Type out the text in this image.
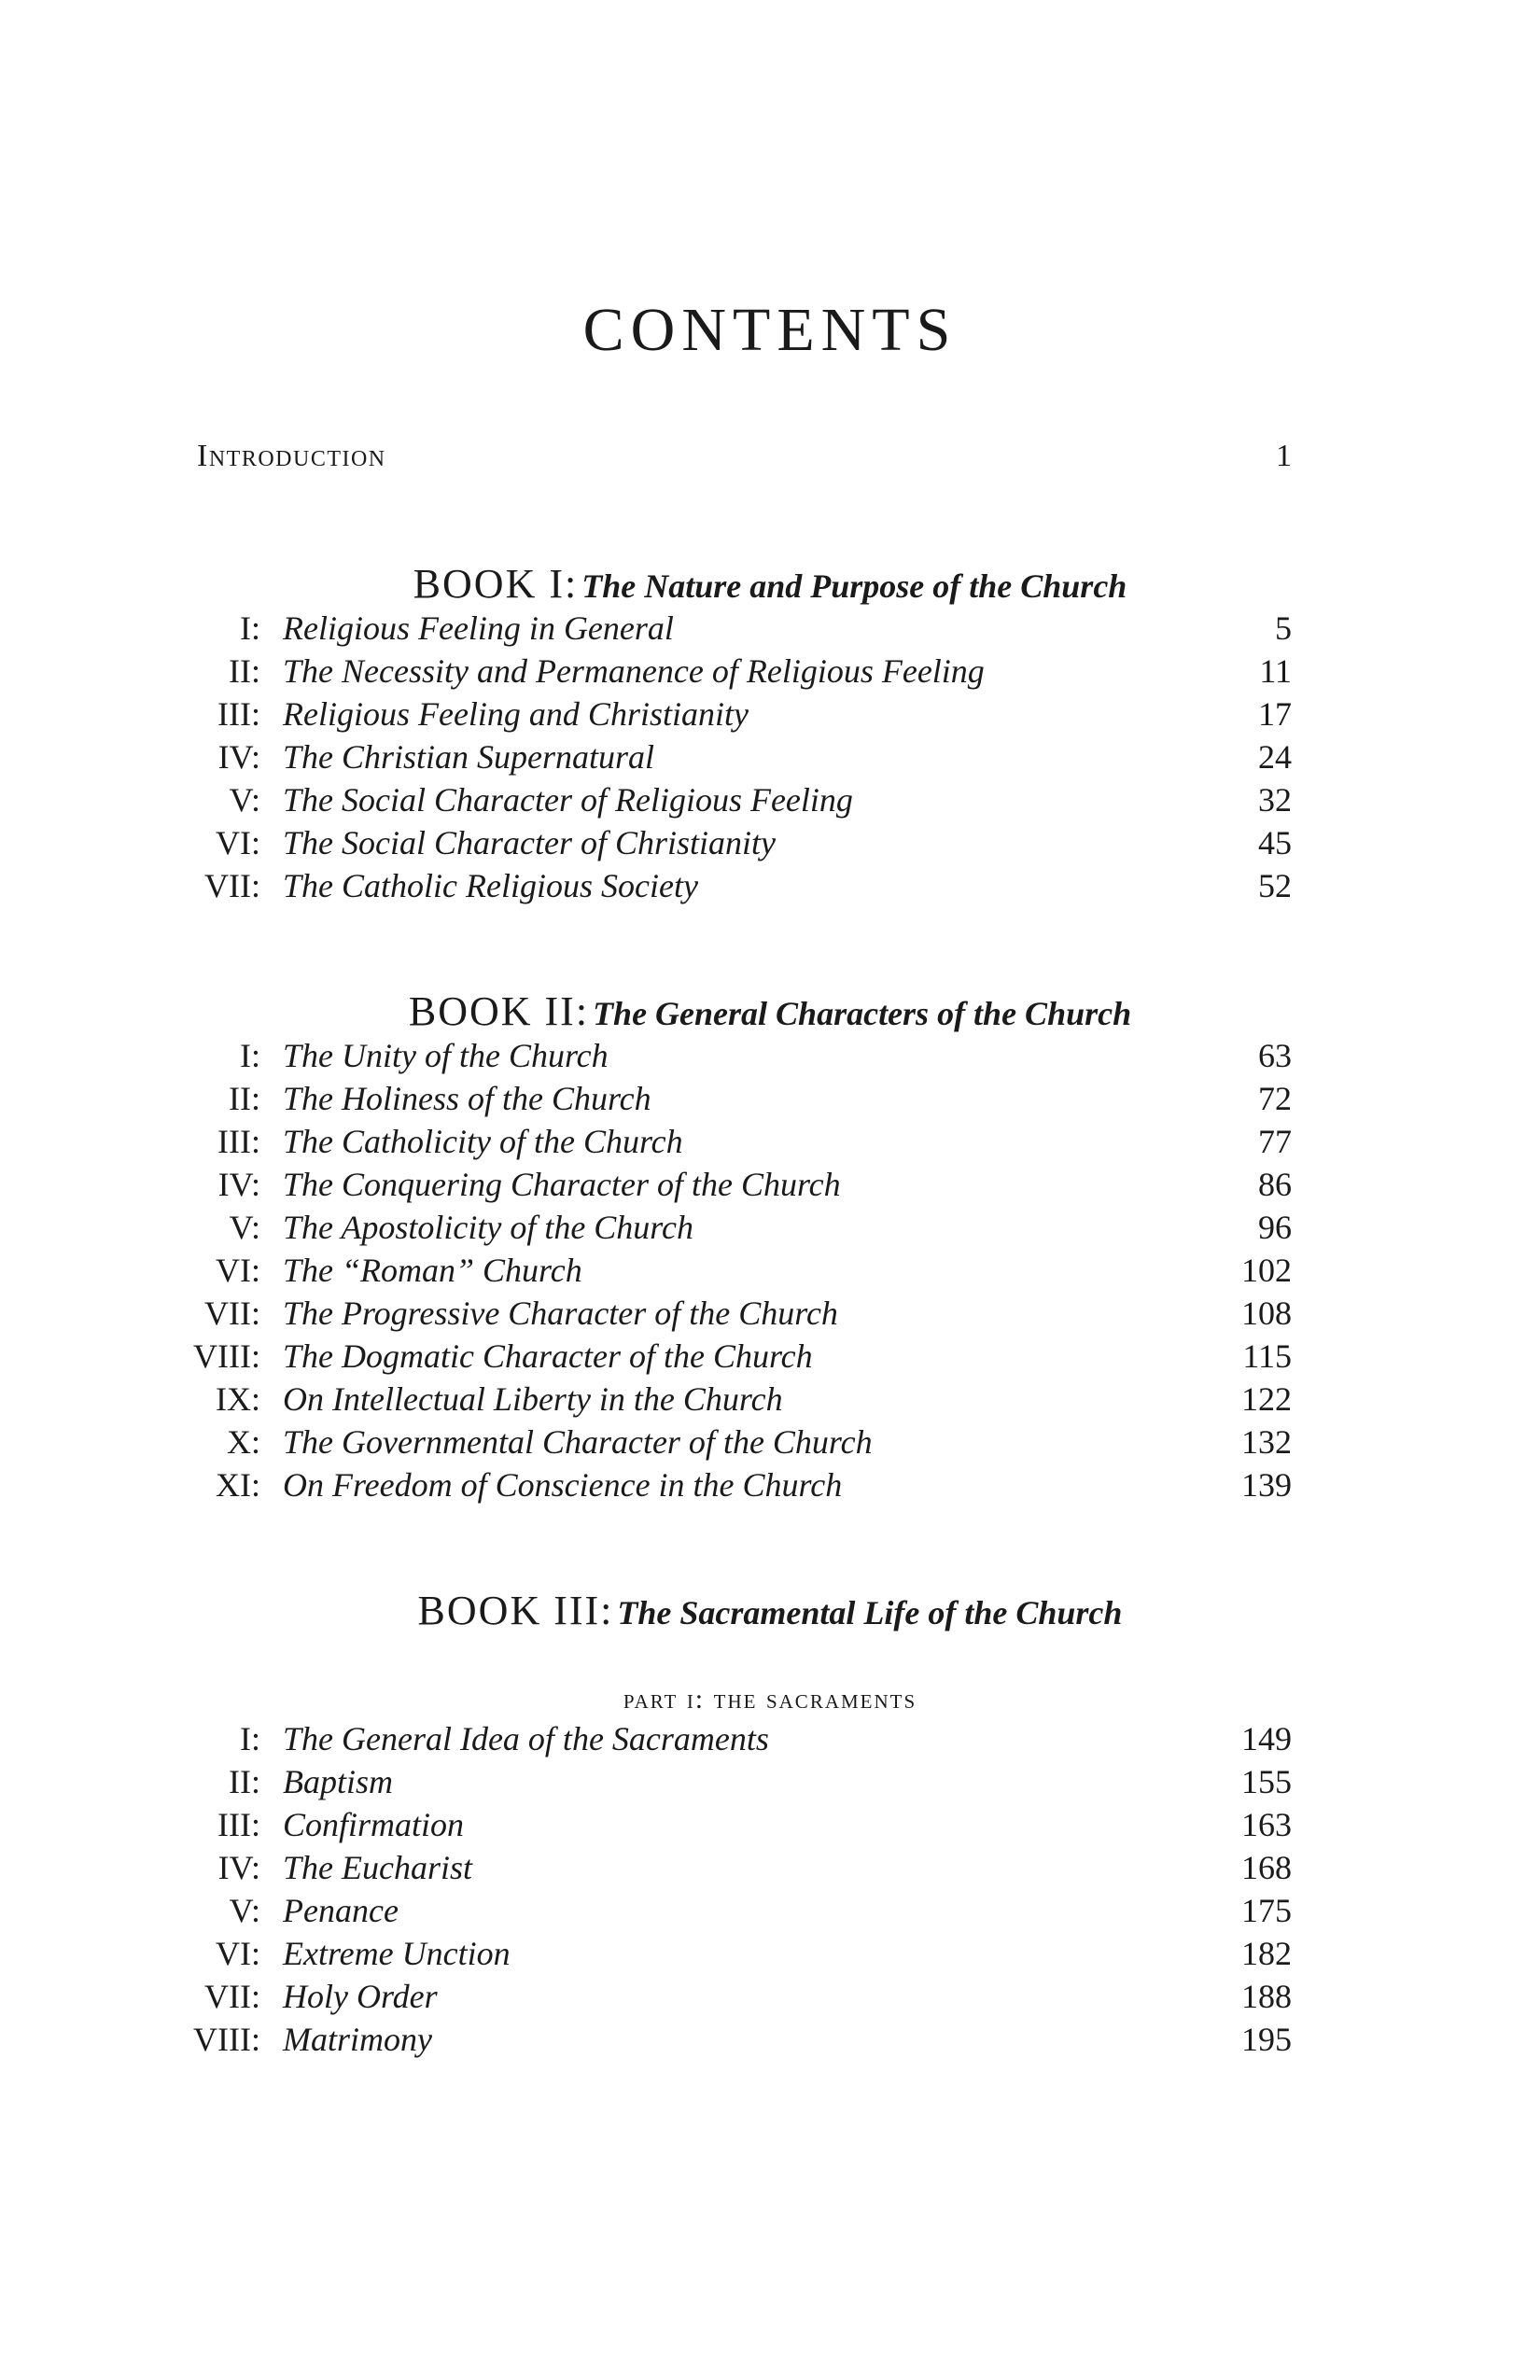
CONTENTS
Introduction	1
BOOK I: The Nature and Purpose of the Church
I: Religious Feeling in General	5
II: The Necessity and Permanence of Religious Feeling	11
III: Religious Feeling and Christianity	17
IV: The Christian Supernatural	24
V: The Social Character of Religious Feeling	32
VI: The Social Character of Christianity	45
VII: The Catholic Religious Society	52
BOOK II: The General Characters of the Church
I: The Unity of the Church	63
II: The Holiness of the Church	72
III: The Catholicity of the Church	77
IV: The Conquering Character of the Church	86
V: The Apostolicity of the Church	96
VI: The “Roman” Church	102
VII: The Progressive Character of the Church	108
VIII: The Dogmatic Character of the Church	115
IX: On Intellectual Liberty in the Church	122
X: The Governmental Character of the Church	132
XI: On Freedom of Conscience in the Church	139
BOOK III: The Sacramental Life of the Church
part i: the sacraments
I: The General Idea of the Sacraments	149
II: Baptism	155
III: Confirmation	163
IV: The Eucharist	168
V: Penance	175
VI: Extreme Unction	182
VII: Holy Order	188
VIII: Matrimony	195
